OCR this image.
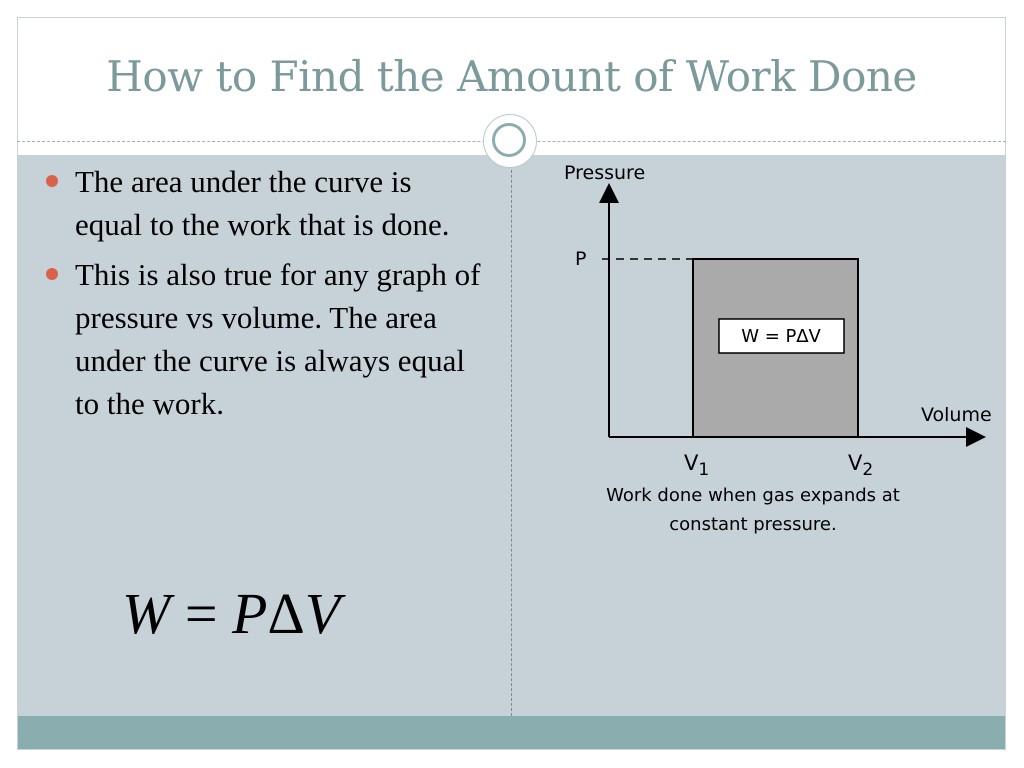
How to Find the Amount of Work Done
The area under the curve is equal to the work that is done.
This is also true for any graph of pressure vs volume. The area under the curve is always equal to the work.
W = PΔV
Pressure
Volume
P
$V_1$	$V_2$
W = P∆V
Work done when gas expands at
constant pressure.
